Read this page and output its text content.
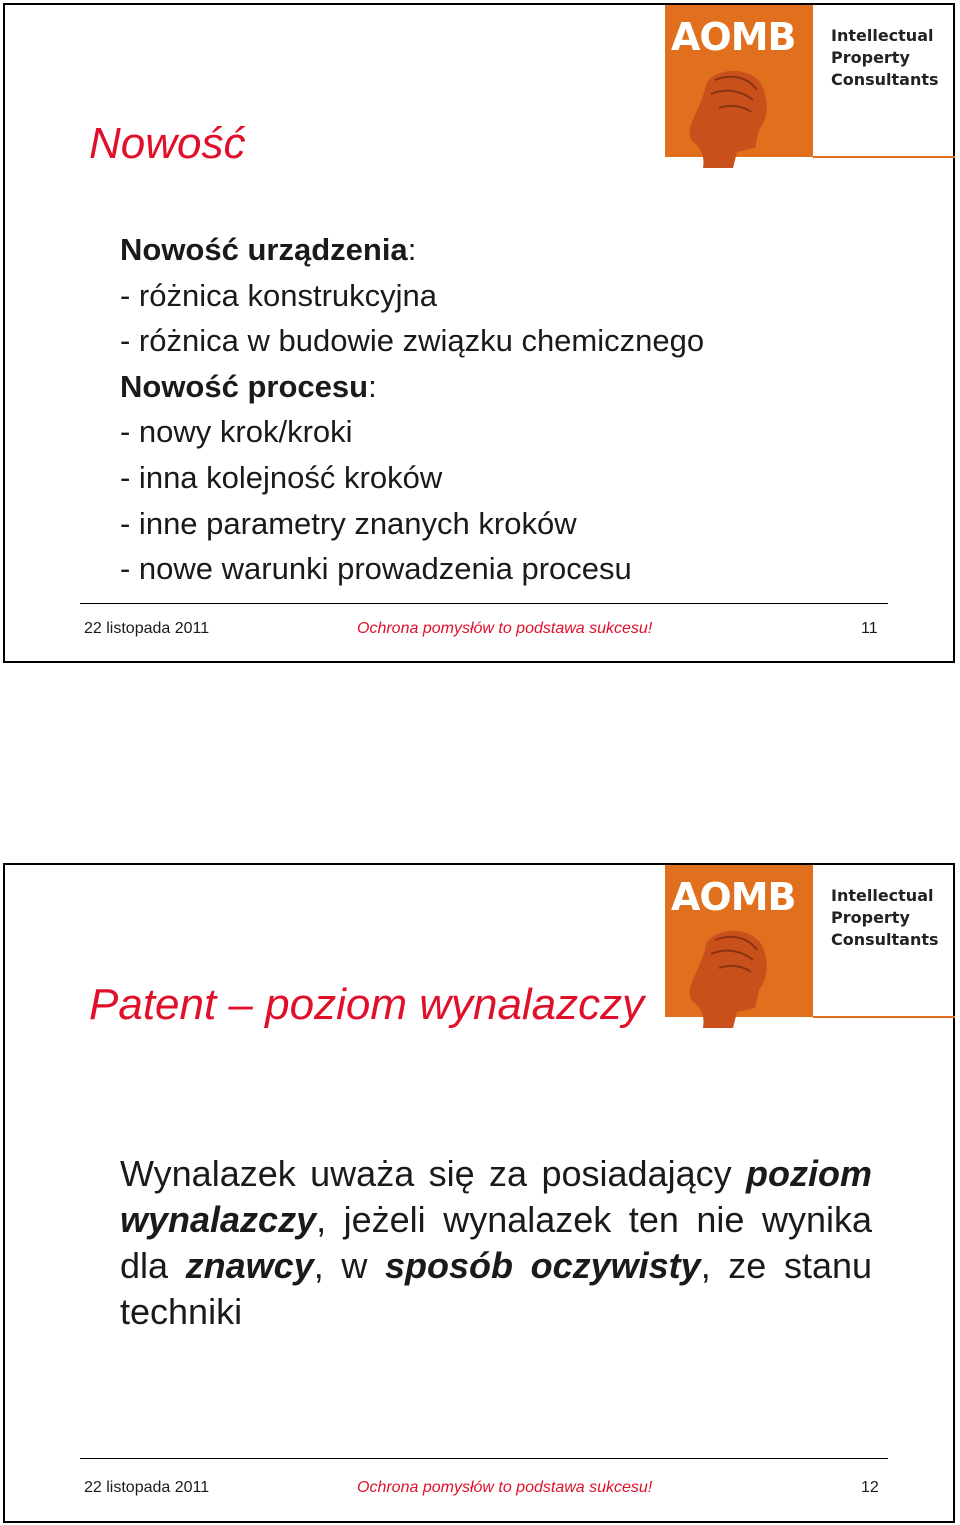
AOMB Intellectual
Property
Consultants
Nowość
Nowość urządzenia:
- różnica konstrukcyjna
- różnica w budowie związku chemicznego
Nowość procesu:
- nowy krok/kroki
- inna kolejność kroków
- inne parametry znanych kroków
- nowe warunki prowadzenia procesu
22 listopada 2011	Ochrona pomysłów to podstawa sukcesu!	11
AOMB Intellectual
Property
Consultants
Patent – poziom wynalazczy
Wynalazek uważa się za posiadający poziom wynalazczy, jeżeli wynalazek ten nie wynika dla znawcy, w sposób oczywisty, ze stanu techniki
22 listopada 2011	Ochrona pomysłów to podstawa sukcesu!	12
